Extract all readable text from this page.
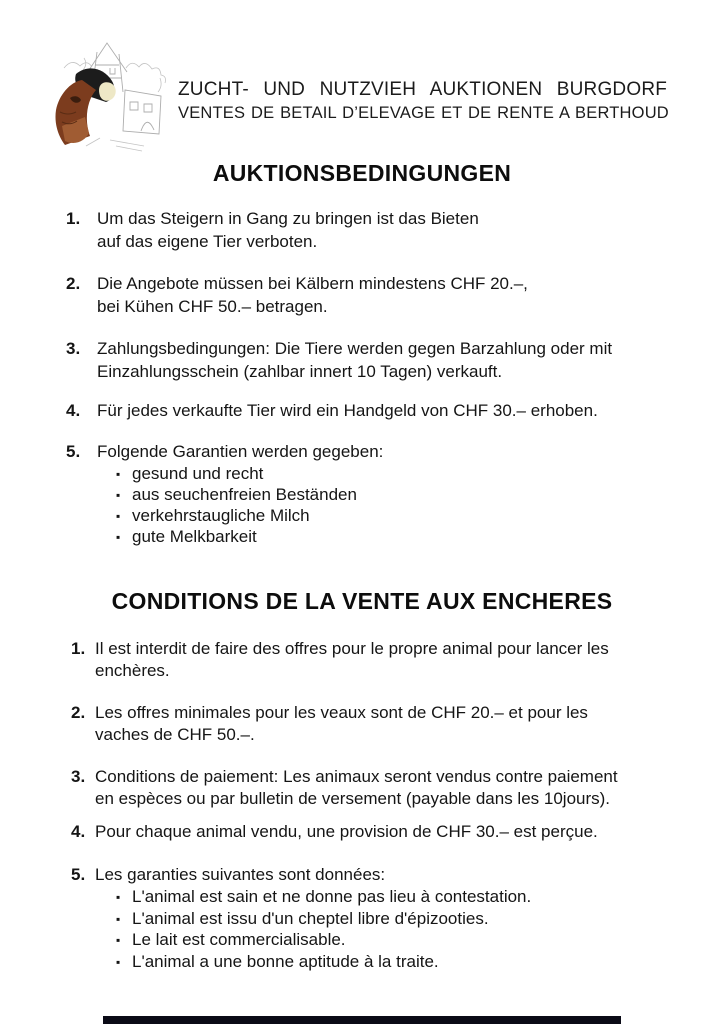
ZUCHT- UND NUTZVIEH AUKTIONEN BURGDORF
VENTES DE BETAIL D’ELEVAGE ET DE RENTE A BERTHOUD
AUKTIONSBEDINGUNGEN
1. Um das Steigern in Gang zu bringen ist das Bieten
auf das eigene Tier verboten.
2. Die Angebote müssen bei Kälbern mindestens CHF 20.–,
bei Kühen CHF 50.– betragen.
3. Zahlungsbedingungen: Die Tiere werden gegen Barzahlung oder mit
Einzahlungsschein (zahlbar innert 10 Tagen) verkauft.
4. Für jedes verkaufte Tier wird ein Handgeld von CHF 30.– erhoben.
5. Folgende Garantien werden gegeben:
▪ gesund und recht
▪ aus seuchenfreien Beständen
▪ verkehrstaugliche Milch
▪ gute Melkbarkeit
CONDITIONS DE LA VENTE AUX ENCHERES
1. Il est interdit de faire des offres pour le propre animal pour lancer les
enchères.
2. Les offres minimales pour les veaux sont de CHF 20.– et pour les
vaches de CHF 50.–.
3. Conditions de paiement: Les animaux seront vendus contre paiement
en espèces ou par bulletin de versement (payable dans les 10jours).
4. Pour chaque animal vendu, une provision de CHF 30.– est perçue.
5. Les garanties suivantes sont données:
▪ L'animal est sain et ne donne pas lieu à contestation.
▪ L'animal est issu d'un cheptel libre d'épizooties.
▪ Le lait est commercialisable.
▪ L'animal a une bonne aptitude à la traite.
